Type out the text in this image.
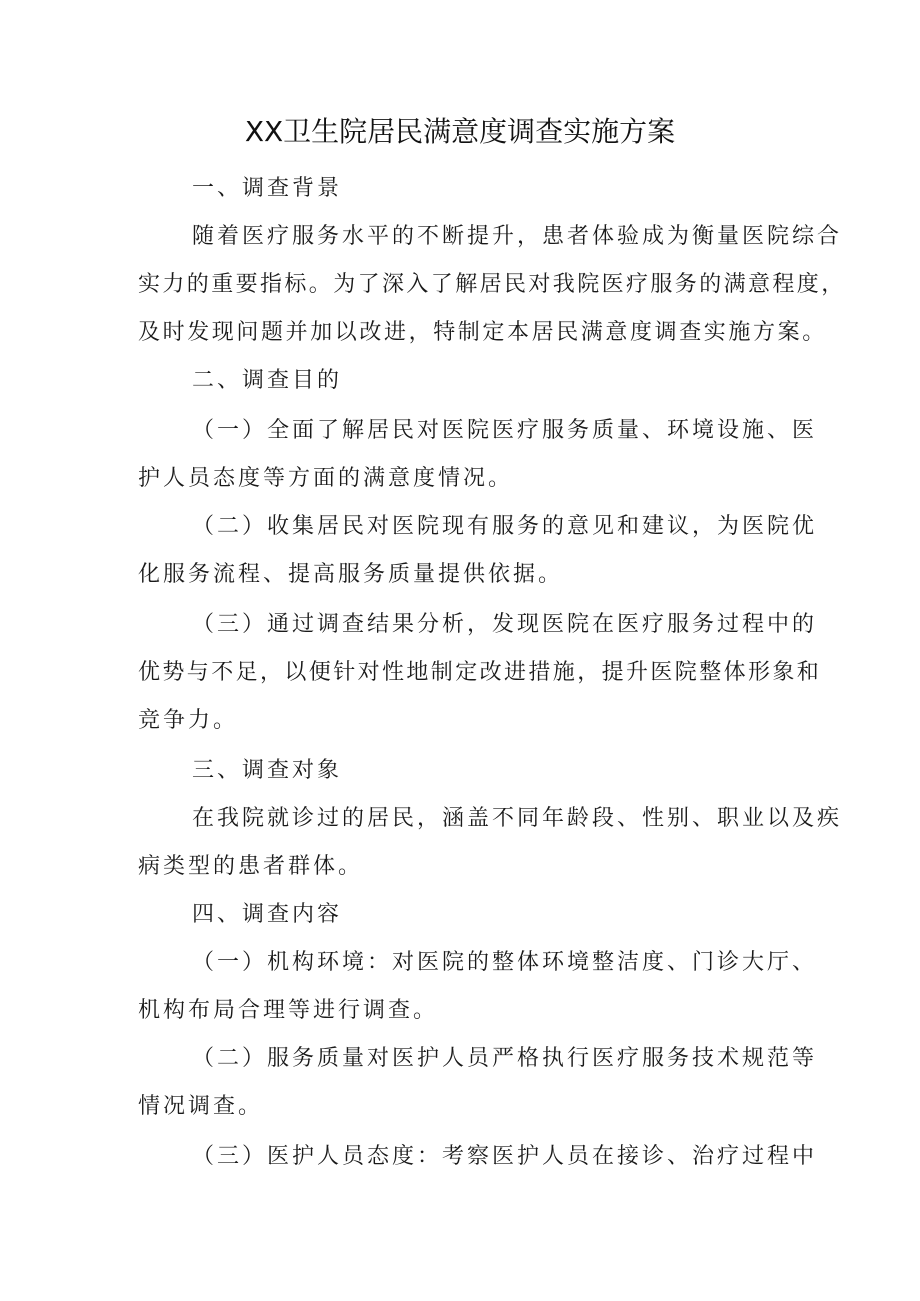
XX卫生院居民满意度调查实施方案
一、调查背景
随着医疗服务水平的不断提升，患者体验成为衡量医院综合
实力的重要指标。为了深入了解居民对我院医疗服务的满意程度，
及时发现问题并加以改进，特制定本居民满意度调查实施方案。
二、调查目的
（一）全面了解居民对医院医疗服务质量、环境设施、医
护人员态度等方面的满意度情况。
（二）收集居民对医院现有服务的意见和建议，为医院优
化服务流程、提高服务质量提供依据。
（三）通过调查结果分析，发现医院在医疗服务过程中的
优势与不足，以便针对性地制定改进措施，提升医院整体形象和
竞争力。
三、调查对象
在我院就诊过的居民，涵盖不同年龄段、性别、职业以及疾
病类型的患者群体。
四、调查内容
（一）机构环境：对医院的整体环境整洁度、门诊大厅、
机构布局合理等进行调查。
（二）服务质量对医护人员严格执行医疗服务技术规范等
情况调查。
（三）医护人员态度：考察医护人员在接诊、治疗过程中
